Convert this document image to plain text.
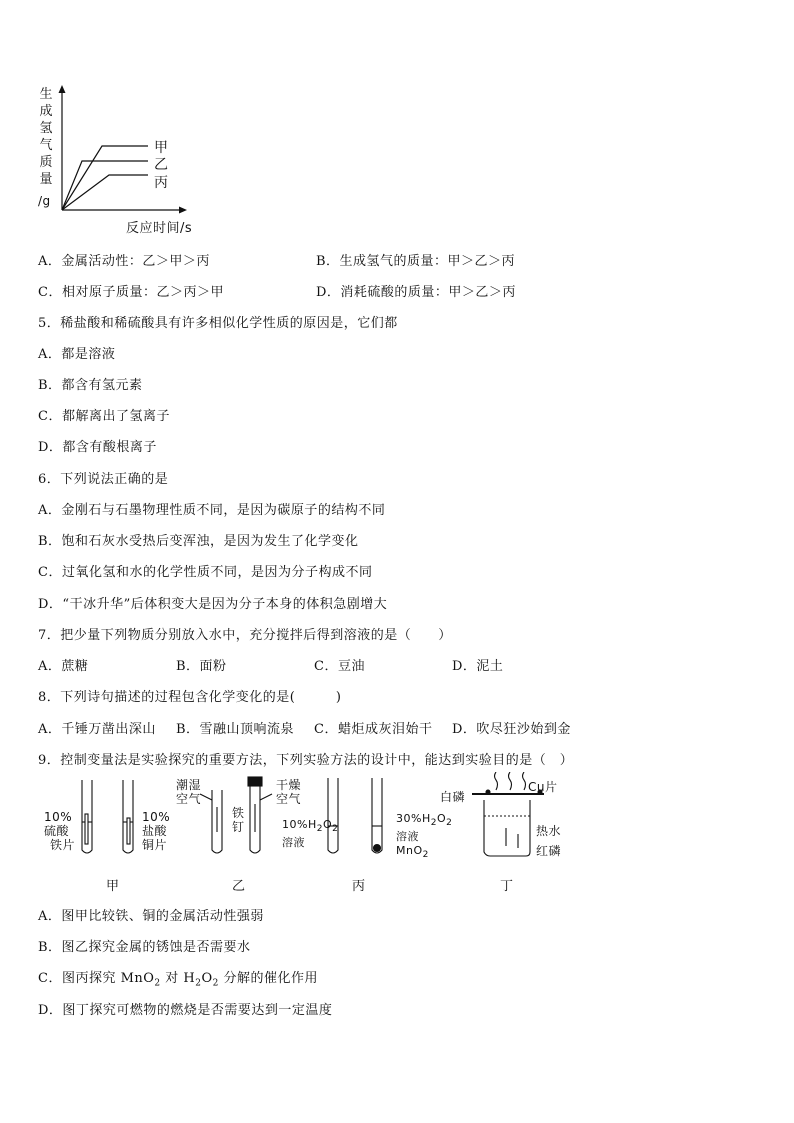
生
成
氢
气
质
量
/g
反应时间/s
甲
乙
丙
A．金属活动性：乙＞甲＞丙	B．生成氢气的质量：甲＞乙＞丙
C．相对原子质量：乙＞丙＞甲	D．消耗硫酸的质量：甲＞乙＞丙
5．稀盐酸和稀硫酸具有许多相似化学性质的原因是，它们都
A．都是溶液
B．都含有氢元素
C．都解离出了氢离子
D．都含有酸根离子
6．下列说法正确的是
A．金刚石与石墨物理性质不同，是因为碳原子的结构不同
B．饱和石灰水受热后变浑浊，是因为发生了化学变化
C．过氧化氢和水的化学性质不同，是因为分子构成不同
D．“干冰升华”后体积变大是因为分子本身的体积急剧增大
7．把少量下列物质分别放入水中，充分搅拌后得到溶液的是（　　）
A．蔗糖	B．面粉	C．豆油	D．泥土
8．下列诗句描述的过程包含化学变化的是(　　　)
A．千锤万凿出深山 B．雪融山顶响流泉 C．蜡炬成灰泪始干 D．吹尽狂沙始到金
9．控制变量法是实验探究的重要方法，下列实验方法的设计中，能达到实验目的是（　）
10%
硫酸
铁片
10%
盐酸
铜片
甲
潮湿
空气
铁
钉
干燥
空气
乙
$10\%H_2O_2$
溶液
$30\%H_2O_2$
溶液
MnO$_2$
丙
白磷
Cu片
热水
红磷
丁
A．图甲比较铁、铜的金属活动性强弱
B．图乙探究金属的锈蚀是否需要水
C．图丙探究 MnO$_2$ 对 $H_2O_2$ 分解的催化作用
D．图丁探究可燃物的燃烧是否需要达到一定温度
